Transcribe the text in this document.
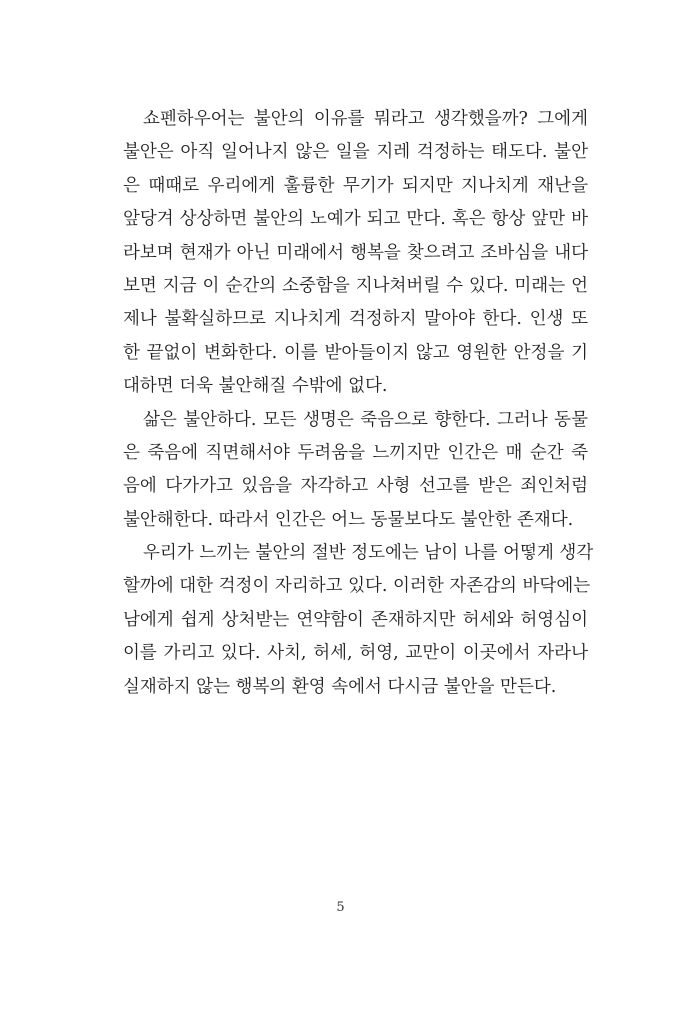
쇼펜하우어는 불안의 이유를 뭐라고 생각했을까? 그에게
불안은 아직 일어나지 않은 일을 지레 걱정하는 태도다. 불안
은 때때로 우리에게 훌륭한 무기가 되지만 지나치게 재난을
앞당겨 상상하면 불안의 노예가 되고 만다. 혹은 항상 앞만 바
라보며 현재가 아닌 미래에서 행복을 찾으려고 조바심을 내다
보면 지금 이 순간의 소중함을 지나쳐버릴 수 있다. 미래는 언
제나 불확실하므로 지나치게 걱정하지 말아야 한다. 인생 또
한 끝없이 변화한다. 이를 받아들이지 않고 영원한 안정을 기
대하면 더욱 불안해질 수밖에 없다.
삶은 불안하다. 모든 생명은 죽음으로 향한다. 그러나 동물
은 죽음에 직면해서야 두려움을 느끼지만 인간은 매 순간 죽
음에 다가가고 있음을 자각하고 사형 선고를 받은 죄인처럼
불안해한다. 따라서 인간은 어느 동물보다도 불안한 존재다.
우리가 느끼는 불안의 절반 정도에는 남이 나를 어떻게 생각
할까에 대한 걱정이 자리하고 있다. 이러한 자존감의 바닥에는
남에게 쉽게 상처받는 연약함이 존재하지만 허세와 허영심이
이를 가리고 있다. 사치, 허세, 허영, 교만이 이곳에서 자라나
실재하지 않는 행복의 환영 속에서 다시금 불안을 만든다.
5
